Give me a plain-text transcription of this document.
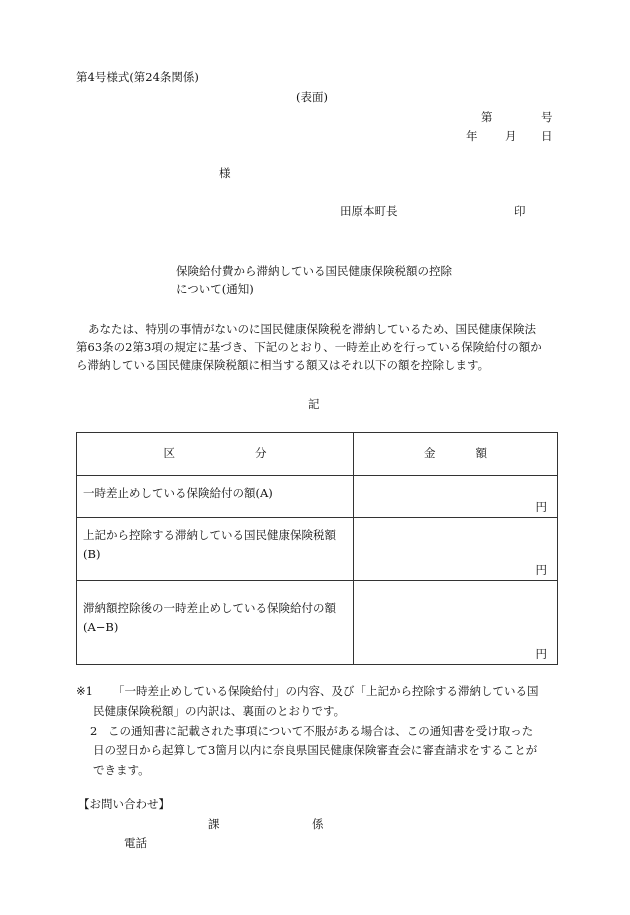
第4号様式(第24条関係)
(表面)
第	号
年 月 日
様
田原本町長	印
保険給付費から滞納している国民健康保険税額の控除
について(通知)
あなたは、特別の事情がないのに国民健康保険税を滞納しているため、国民健康保険法
第63条の2第3項の規定に基づき、下記のとおり、一時差止めを行っている保険給付の額か
ら滞納している国民健康保険税額に相当する額又はそれ以下の額を控除します。
記
区 分	金 額

一時差止めしている保険給付の額(A)	円

上記から控除する滞納している国民健康保険税額
(B)	円

滞納額控除後の一時差止めしている保険給付の額
(A−B)	円
※1 「一時差止めしている保険給付」の内容、及び「上記から控除する滞納している国
民健康保険税額」の内訳は、裏面のとおりです。
2 この通知書に記載された事項について不服がある場合は、この通知書を受け取った
日の翌日から起算して3箇月以内に奈良県国民健康保険審査会に審査請求をすることが
できます。
【お問い合わせ】
課	係
電話
